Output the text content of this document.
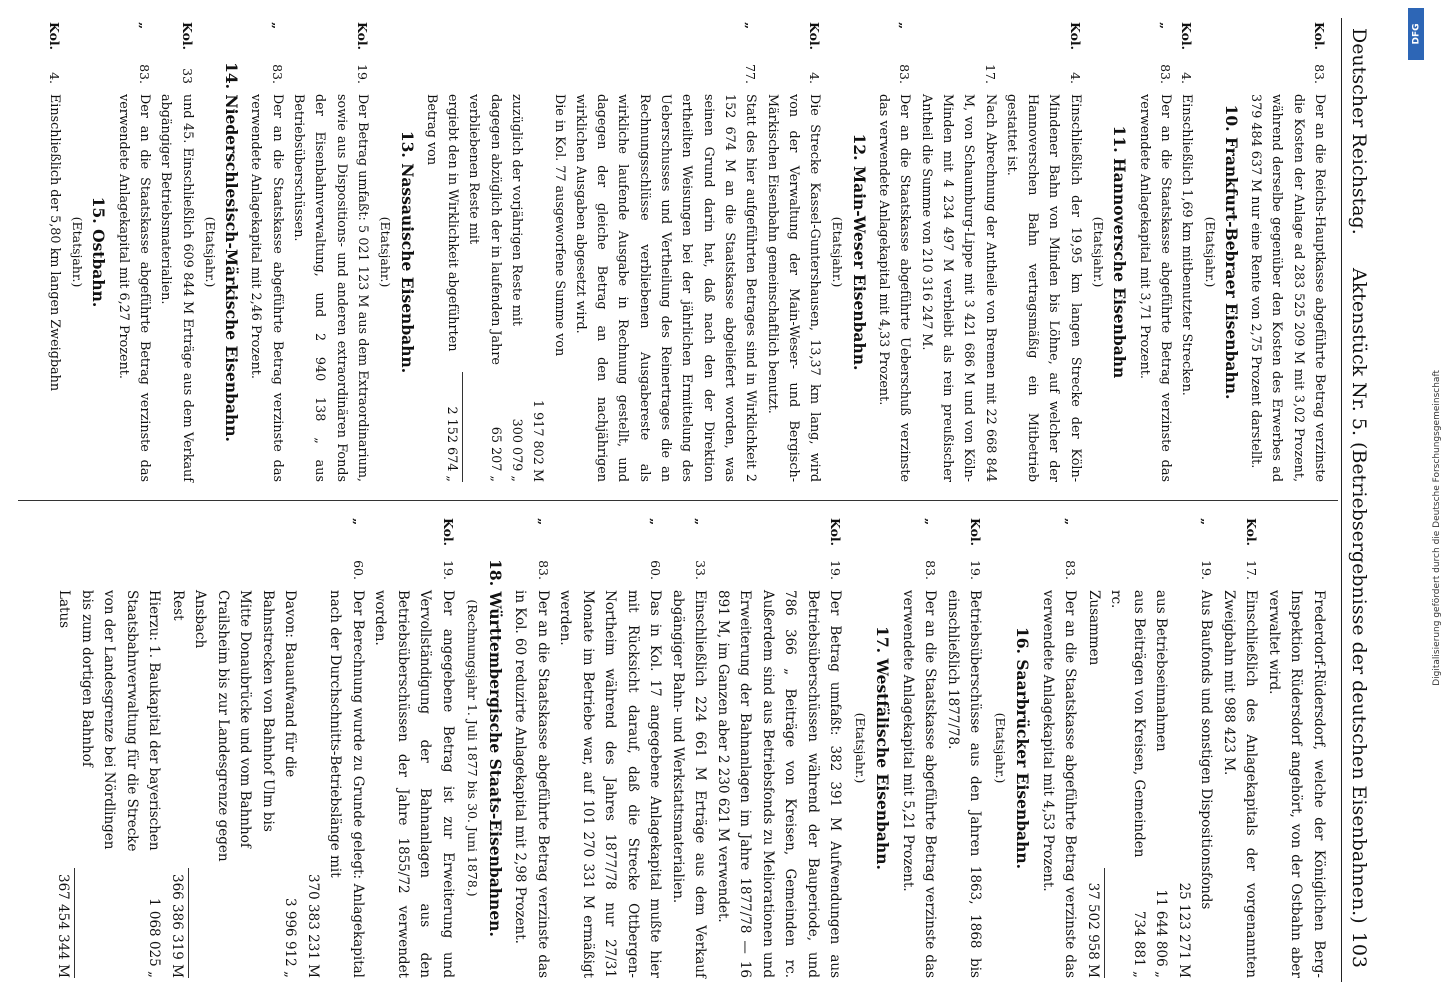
Deutscher Reichstag.
Aktenstück Nr. 5. (Betriebsergebnisse der deutschen Eisenbahnen.)
103
Kol.
83.
Der an die Reichs-Hauptkasse abgeführte Betrag verzinste die Kosten der Anlage ad 283 525 209 M mit 3,02 Prozent, während derselbe gegenüber den Kosten des Erwerbes ad 379 484 637 M nur eine Rente von 2,75 Prozent darstellt.
10. Frankfurt-Bebraer Eisenbahn.
(Etatsjahr.)
Kol.
4.
Einschließlich 1,69 km mitbenutzter Strecken.
„
83.
Der an die Staatskasse abgeführte Betrag verzinste das verwendete Anlagekapital mit 3,71 Prozent.
11. Hannoversche Eisenbahn
(Etatsjahr.)
Kol.
4.
Einschließlich der 19,95 km langen Strecke der Köln-Mindener Bahn von Minden bis Löhne, auf welcher der Hannoverschen Bahn vertragsmäßig ein Mitbetrieb gestattet ist.
17.
Nach Abrechnung der Antheile von Bremen mit 22 668 844 M, von Schaumburg-Lippe mit 3 421 686 M und von Köln-Minden mit 4 234 497 M verbleibt als rein preußischer Antheil die Summe von 210 316 247 M.
„
83.
Der an die Staatskasse abgeführte Ueberschuß verzinste das verwendete Anlagekapital mit 4,33 Prozent.
12. Main-Weser Eisenbahn.
(Etatsjahr.)
Kol.
4.
Die Strecke Kassel-Guntershausen, 13,37 km lang, wird von der Verwaltung der Main-Weser- und Bergisch-Märkischen Eisenbahn gemeinschaftlich benutzt.
„
77.
Statt des hier aufgeführten Betrages sind in Wirklichkeit 2 152 674 M an die Staatskasse abgeliefert worden, was seinen Grund darin hat, daß nach den der Direktion ertheilten Weisungen bei der jährlichen Ermittelung des Ueberschusses und Vertheilung des Reinertrages die an Rechnungsschlüsse verbliebenen Ausgabereste als wirkliche laufende Ausgabe in Rechnung gestellt, und dagegen der gleiche Betrag an den nachjährigen wirklichen Ausgaben abgesetzt wird.
Die in Kol. 77 ausgeworfene Summe von
1 917 802 M
zuzüglich der vorjährigen Reste mit
300 079 „
dagegen abzüglich der in laufenden Jahre verbliebenen Reste mit
65 207 „
ergiebt den in Wirklichkeit abgeführten Betrag von
2 152 674 „
13. Nassauische Eisenbahn.
(Etatsjahr.)
Kol.
19.
Der Betrag umfaßt: 5 021 123 M aus dem Extraordinarium, sowie aus Dispositions- und anderen extraordinären Fonds der Eisenbahnverwaltung, und 2 940 138 „ aus Betriebsüberschüssen.
„
83.
Der an die Staatskasse abgeführte Betrag verzinste das verwendete Anlagekapital mit 2,46 Prozent.
14. Niederschlesisch-Märkische Eisenbahn.
(Etatsjahr.)
Kol.
33
und 45. Einschließlich 609 844 M Erträge aus dem Verkauf abgängiger Betriebsmaterialien.
„
83.
Der an die Staatskasse abgeführte Betrag verzinste das verwendete Anlagekapital mit 6,27 Prozent.
15. Ostbahn.
(Etatsjahr.)
Kol.
4.
Einschließlich der 5,80 km langen Zweigbahn
Frederdorf-Rüdersdorf, welche der Königlichen Berg-Inspektion Rüdersdorf angehört, von der Ostbahn aber verwaltet wird.
Kol.
17.
Einschließlich des Anlagekapitals der vorgenannten Zweigbahn mit 988 423 M.
„
19.
Aus Baufonds und sonstigen Dispositionsfonds
25 123 271 M
aus Betriebseinnahmen
11 644 806 „
aus Beiträgen von Kreisen, Gemeinden rc.
734 881 „
Zusammen
37 502 958 M
„
83.
Der an die Staatskasse abgeführte Betrag verzinste das verwendete Anlagekapital mit 4,53 Prozent.
16. Saarbrücker Eisenbahn.
(Etatsjahr.)
Kol.
19.
Betriebsüberschüsse aus den Jahren 1863, 1868 bis einschließlich 1877/78.
„
83.
Der an die Staatskasse abgeführte Betrag verzinste das verwendete Anlagekapital mit 5,21 Prozent.
17. Westfälische Eisenbahn.
(Etatsjahr.)
Kol.
19.
Der Betrag umfaßt: 382 391 M Aufwendungen aus Betriebsüberschüssen während der Bauperiode, und 786 366 „ Beiträge von Kreisen, Gemeinden rc. Außerdem sind aus Betriebsfonds zu Meliorationen und Erweiterung der Bahnanlagen im Jahre 1877/78 — 16 891 M, im Ganzen aber 2 230 621 M verwendet.
„
33.
Einschließlich 224 661 M Erträge aus dem Verkauf abgängiger Bahn- und Werkstattsmaterialien.
„
60.
Das in Kol. 17 angegebene Anlagekapital mußte hier mit Rücksicht darauf, daß die Strecke Ottbergen-Northeim während des Jahres 1877/78 nur 27/31 Monate im Betriebe war, auf 101 270 331 M ermäßigt werden.
„
83.
Der an die Staatskasse abgeführte Betrag verzinste das in Kol. 60 reduzirte Anlagekapital mit 2,98 Prozent.
18. Württembergische Staats-Eisenbahnen.
(Rechnungsjahr 1. Juli 1877 bis 30. Juni 1878.)
Kol.
19.
Der angegebene Betrag ist zur Erweiterung und Vervollständigung der Bahnanlagen aus den Betriebsüberschüssen der Jahre 1855/72 verwendet worden.
„
60.
Der Berechnung wurde zu Grunde gelegt: Anlagekapital nach der Durchschnitts-Betriebslänge mit
370 383 231 M
Davon: Bauaufwand für die Bahnstrecken von Bahnhof Ulm bis Mitte Donaubrücke und vom Bahnhof Crailsheim bis zur Landesgrenze gegen Ansbach
3 996 912 „
Rest
366 386 319 M
Hierzu: 1. Baukapital der bayerischen Staatsbahnverwaltung für die Strecke von der Landesgrenze bei Nördlingen bis zum dortigen Bahnhof
1 068 025 „
Latus
367 454 344 M
DFG
Digitalisierung gefördert durch die Deutsche Forschungsgemeinschaft
